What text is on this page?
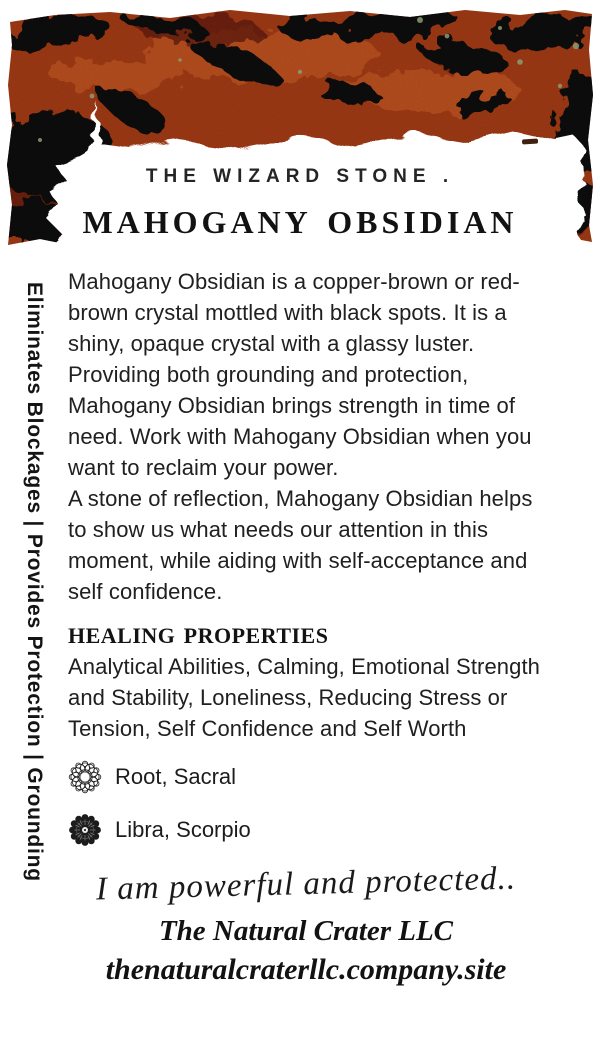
THE WIZARD STONE .
mahogany obsidian
Eliminates Blockages | Provides Protection | Grounding

Mahogany Obsidian is a copper-brown or red-brown crystal mottled with black spots. It is a shiny, opaque crystal with a glassy luster. Providing both grounding and protection, Mahogany Obsidian brings strength in time of need. Work with Mahogany Obsidian when you want to reclaim your power.

A stone of reflection, Mahogany Obsidian helps to show us what needs our attention in this moment, while aiding with self-acceptance and self confidence.

healing properties

Analytical Abilities, Calming, Emotional Strength and Stability, Loneliness, Reducing Stress or Tension, Self Confidence and Self Worth

Root, Sacral
Libra, Scorpio
I am powerful and protected..
The Natural Crater LLC
thenaturalcraterllc.company.site
